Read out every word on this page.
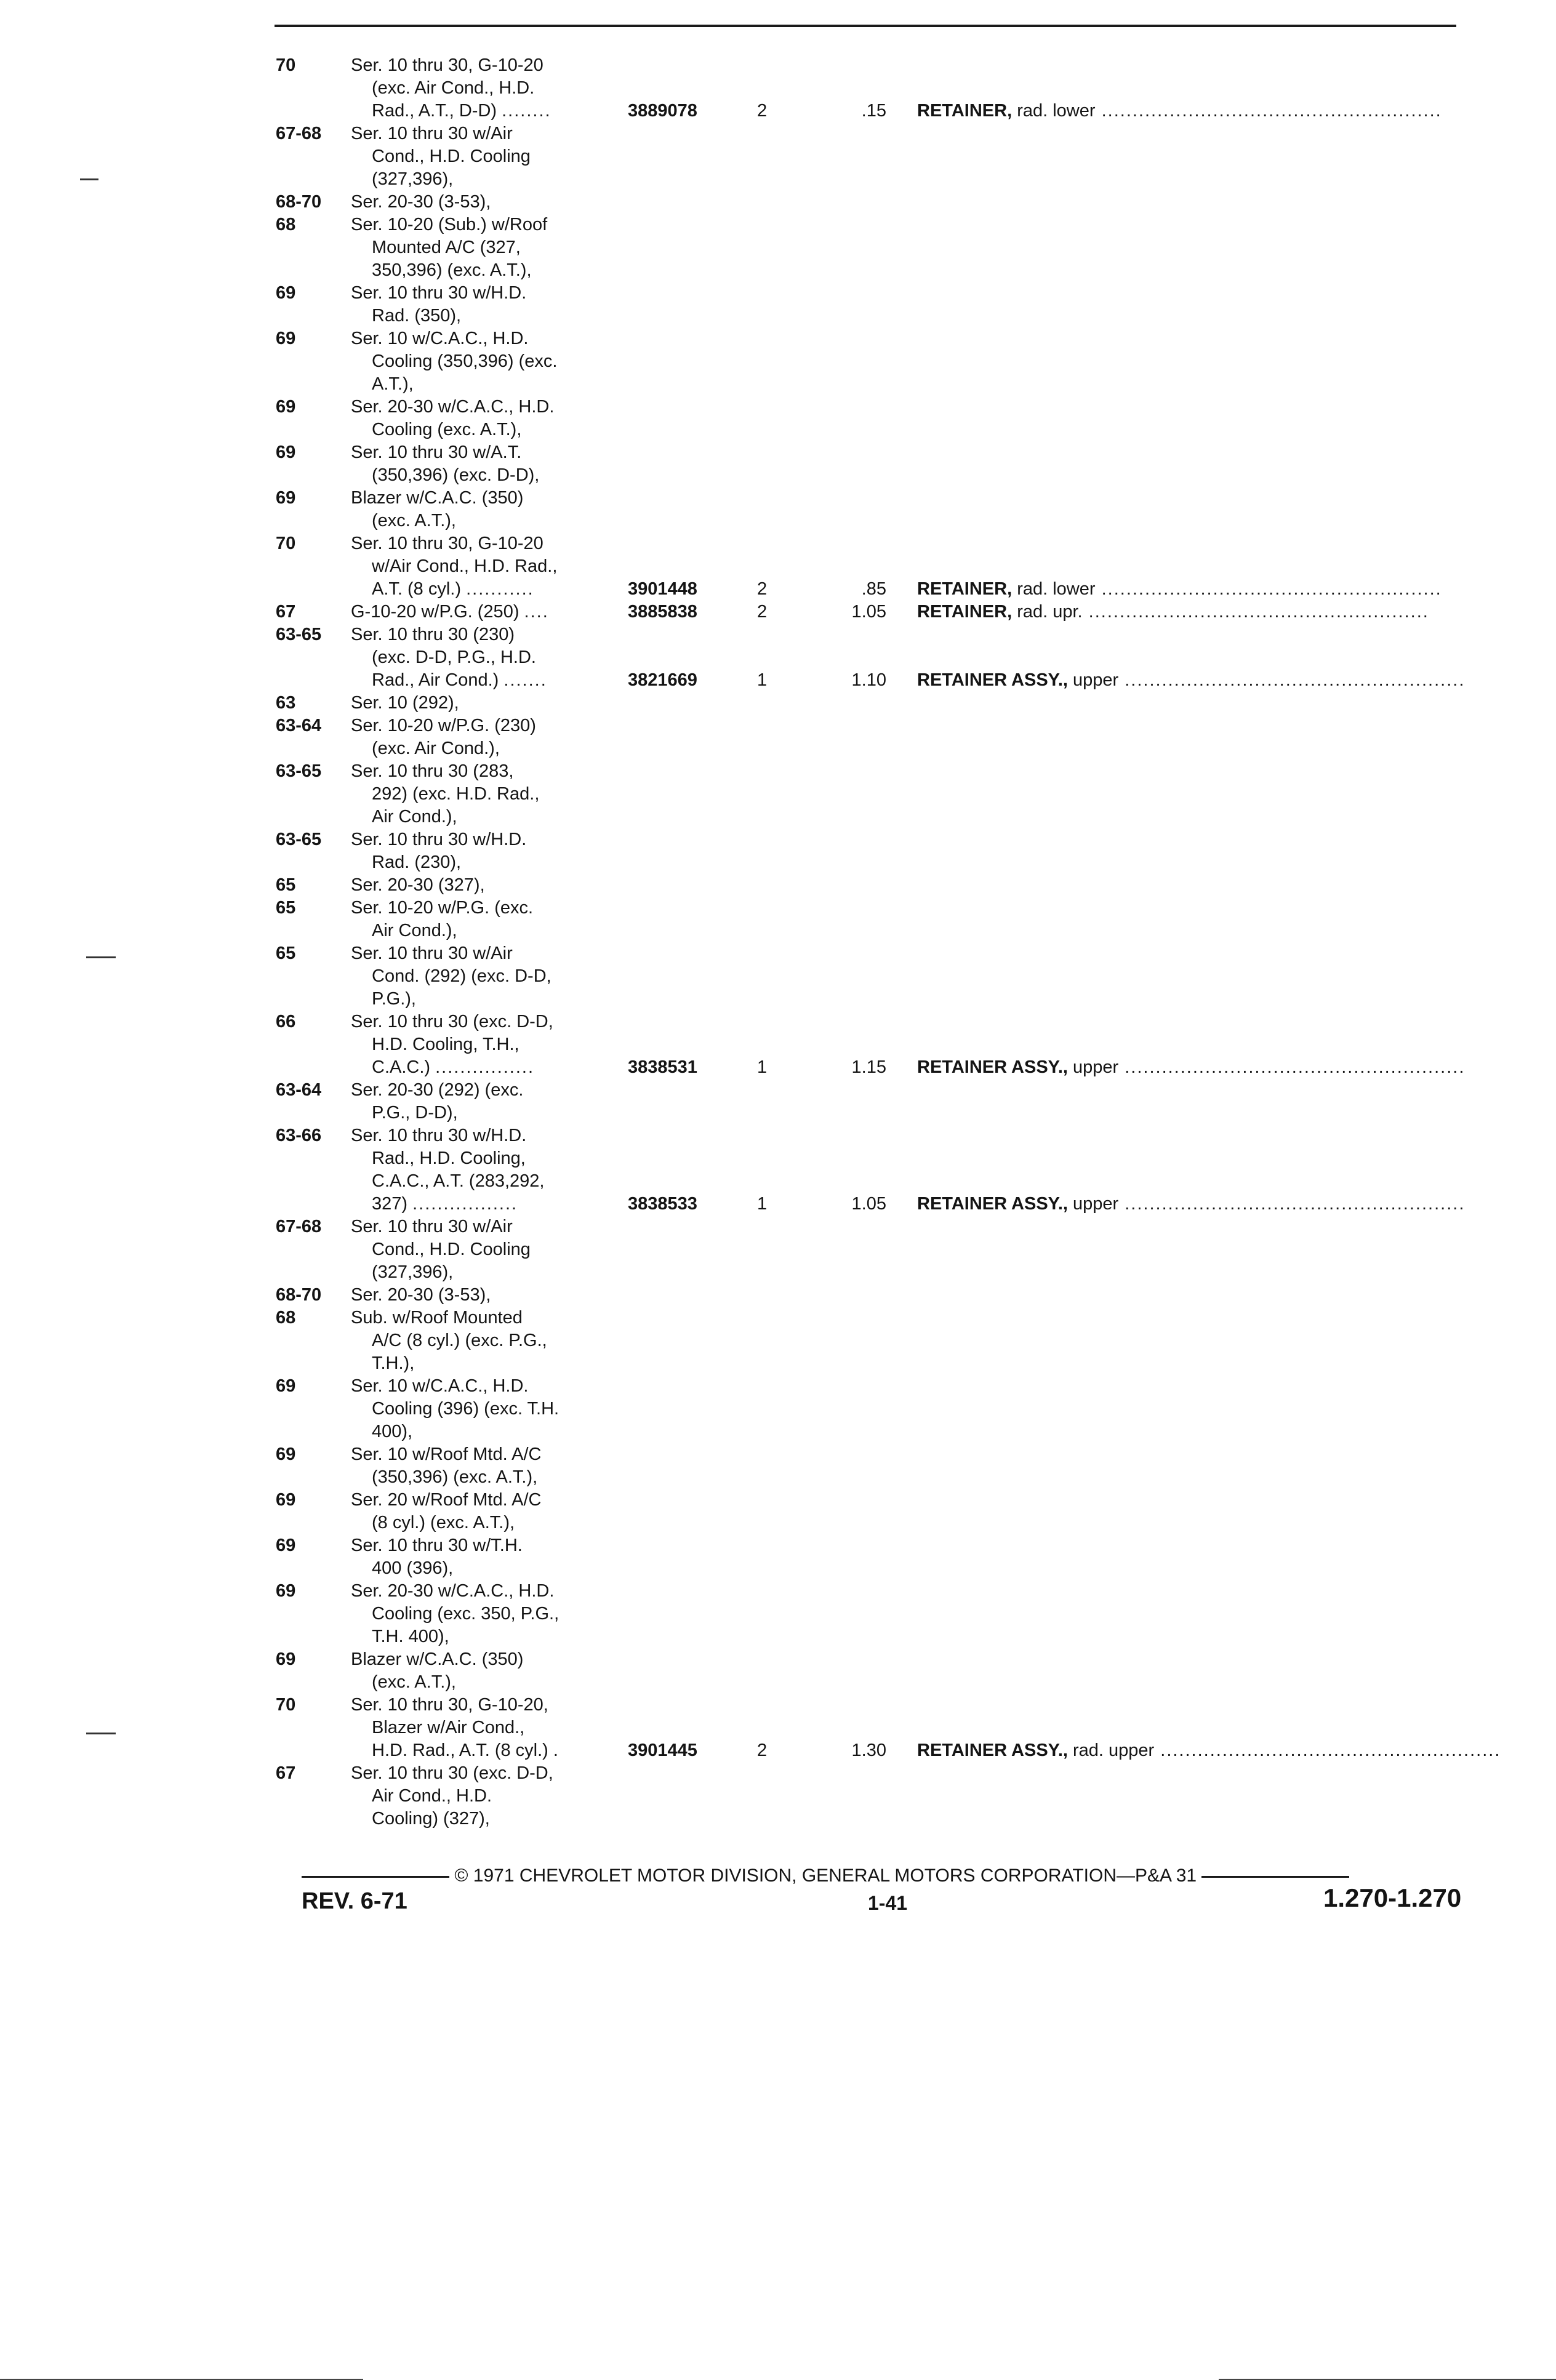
70	Ser. 10 thru 30, G-10-20
(exc. Air Cond., H.D.
Rad., A.T., D-D) ........	3889078	2	.15 RETAINER, rad. lower .......................................................
67-68 Ser. 10 thru 30 w/Air
Cond., H.D. Cooling
(327,396),
68-70 Ser. 20-30 (3-53),
68	Ser. 10-20 (Sub.) w/Roof
Mounted A/C (327,
350,396) (exc. A.T.),
69	Ser. 10 thru 30 w/H.D.
Rad. (350),
69	Ser. 10 w/C.A.C., H.D.
Cooling (350,396) (exc.
A.T.),
69	Ser. 20-30 w/C.A.C., H.D.
Cooling (exc. A.T.),
69	Ser. 10 thru 30 w/A.T.
(350,396) (exc. D-D),
69	Blazer w/C.A.C. (350)
(exc. A.T.),
70	Ser. 10 thru 30, G-10-20
w/Air Cond., H.D. Rad.,
A.T. (8 cyl.) ...........	3901448	2	.85 RETAINER, rad. lower .......................................................
67	G-10-20 w/P.G. (250) ....	3885838	2	1.05 RETAINER, rad. upr. .......................................................
63-65 Ser. 10 thru 30 (230)
(exc. D-D, P.G., H.D.
Rad., Air Cond.) .......	3821669	1	1.10 RETAINER ASSY., upper .......................................................
63	Ser. 10 (292),
63-64 Ser. 10-20 w/P.G. (230)
(exc. Air Cond.),
63-65 Ser. 10 thru 30 (283,
292) (exc. H.D. Rad.,
Air Cond.),
63-65 Ser. 10 thru 30 w/H.D.
Rad. (230),
65	Ser. 20-30 (327),
65	Ser. 10-20 w/P.G. (exc.
Air Cond.),
65	Ser. 10 thru 30 w/Air
Cond. (292) (exc. D-D,
P.G.),
66	Ser. 10 thru 30 (exc. D-D,
H.D. Cooling, T.H.,
C.A.C.) ................	3838531	1	1.15 RETAINER ASSY., upper .......................................................
63-64 Ser. 20-30 (292) (exc.
P.G., D-D),
63-66 Ser. 10 thru 30 w/H.D.
Rad., H.D. Cooling,
C.A.C., A.T. (283,292,
327) .................	3838533	1	1.05 RETAINER ASSY., upper .......................................................
67-68 Ser. 10 thru 30 w/Air
Cond., H.D. Cooling
(327,396),
68-70 Ser. 20-30 (3-53),
68	Sub. w/Roof Mounted
A/C (8 cyl.) (exc. P.G.,
T.H.),
69	Ser. 10 w/C.A.C., H.D.
Cooling (396) (exc. T.H.
400),
69	Ser. 10 w/Roof Mtd. A/C
(350,396) (exc. A.T.),
69	Ser. 20 w/Roof Mtd. A/C
(8 cyl.) (exc. A.T.),
69	Ser. 10 thru 30 w/T.H.
400 (396),
69	Ser. 20-30 w/C.A.C., H.D.
Cooling (exc. 350, P.G.,
T.H. 400),
69	Blazer w/C.A.C. (350)
(exc. A.T.),
70	Ser. 10 thru 30, G-10-20,
Blazer w/Air Cond.,
H.D. Rad., A.T. (8 cyl.) .	3901445	2	1.30 RETAINER ASSY., rad. upper .......................................................
67	Ser. 10 thru 30 (exc. D-D,
Air Cond., H.D.
Cooling) (327),
© 1971 CHEVROLET MOTOR DIVISION, GENERAL MOTORS CORPORATION—P&A 31
REV. 6-71	1-41	1.270-1.270
